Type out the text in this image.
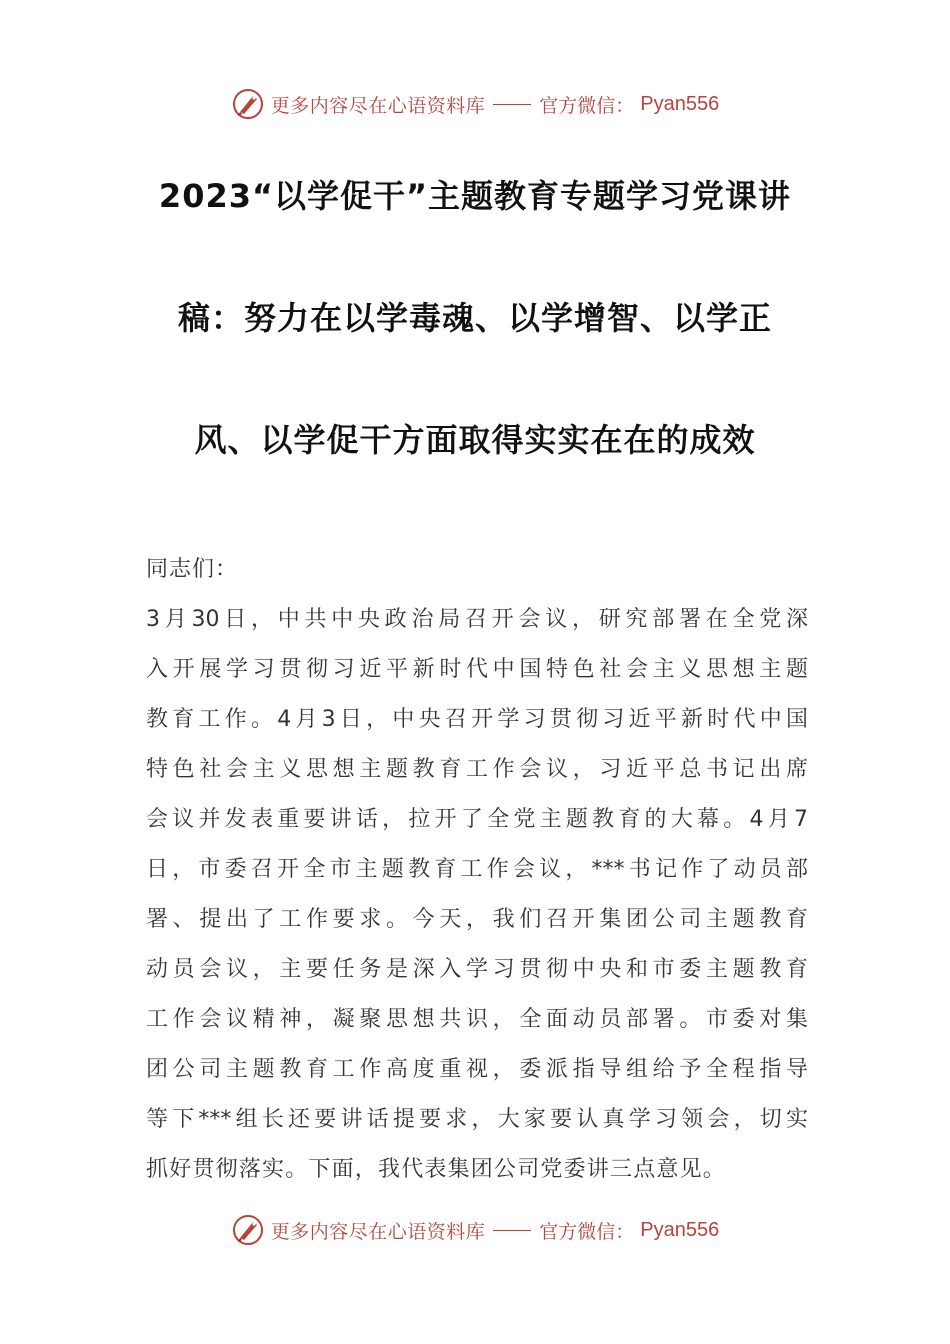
更多内容尽在心语资料库	官方微信： Pyan556
2023“以学促干”主题教育专题学习党课讲
稿：努力在以学毒魂、以学增智、以学正
风、以学促干方面取得实实在在的成效
同志们：
3月30日，中共中央政治局召开会议，研究部署在全党深
入开展学习贯彻习近平新时代中国特色社会主义思想主题
教育工作。4月3日，中央召开学习贯彻习近平新时代中国
特色社会主义思想主题教育工作会议，习近平总书记出席
会议并发表重要讲话，拉开了全党主题教育的大幕。4月7
日，市委召开全市主题教育工作会议，***书记作了动员部
署、提出了工作要求。今天，我们召开集团公司主题教育
动员会议，主要任务是深入学习贯彻中央和市委主题教育
工作会议精神，凝聚思想共识，全面动员部署。市委对集
团公司主题教育工作高度重视，委派指导组给予全程指导
等下***组长还要讲话提要求，大家要认真学习领会，切实
抓好贯彻落实。下面，我代表集团公司党委讲三点意见。
更多内容尽在心语资料库	官方微信： Pyan556
